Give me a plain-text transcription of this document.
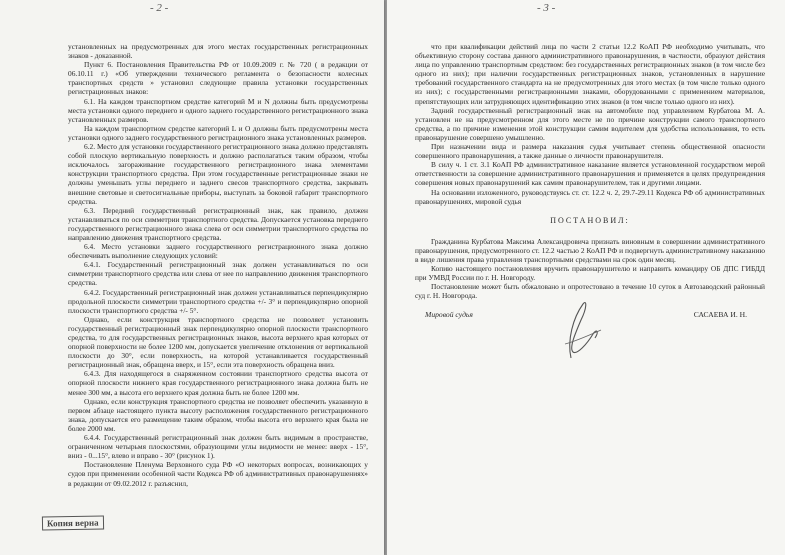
- 2 -

установленных на предусмотренных для этого местах государственных регистрационных знаков - доказанной.

Пункт 6. Постановления Правительства РФ от 10.09.2009 г. № 720 ( в редакции от 06.10.11 г.) «Об утверждении технического регламента о безопасности колесных транспортных средств » установил следующие правила установки государственных регистрационных знаков:

6.1. На каждом транспортном средстве категорий M и N должны быть предусмотрены места установки одного переднего и одного заднего государственного регистрационного знака установленных размеров.

На каждом транспортном средстве категорий L и O должны быть предусмотрены места установки одного заднего государственного регистрационного знака установленных размеров.

6.2. Место для установки государственного регистрационного знака должно представлять собой плоскую вертикальную поверхность и должно располагаться таким образом, чтобы исключалось загораживание государственного регистрационного знака элементами конструкции транспортного средства. При этом государственные регистрационные знаки не должны уменьшать углы переднего и заднего свесов транспортного средства, закрывать внешние световые и светосигнальные приборы, выступать за боковой габарит транспортного средства.

6.3. Передний государственный регистрационный знак, как правило, должен устанавливаться по оси симметрии транспортного средства. Допускается установка переднего государственного регистрационного знака слева от оси симметрии транспортного средства по направлению движения транспортного средства.

6.4. Место установки заднего государственного регистрационного знака должно обеспечивать выполнение следующих условий:

6.4.1. Государственный регистрационный знак должен устанавливаться по оси симметрии транспортного средства или слева от нее по направлению движения транспортного средства.

6.4.2. Государственный регистрационный знак должен устанавливаться перпендикулярно продольной плоскости симметрии транспортного средства +/- 3° и перпендикулярно опорной плоскости транспортного средства +/- 5°.

Однако, если конструкция транспортного средства не позволяет установить государственный регистрационный знак перпендикулярно опорной плоскости транспортного средства, то для государственных регистрационных знаков, высота верхнего края которых от опорной поверхности не более 1200 мм, допускается увеличение отклонения от вертикальной плоскости до 30°, если поверхность, на которой устанавливается государственный регистрационный знак, обращена вверх, и 15°, если эта поверхность обращена вниз.

6.4.3. Для находящегося в снаряженном состоянии транспортного средства высота от опорной плоскости нижнего края государственного регистрационного знака должна быть не менее 300 мм, а высота его верхнего края должна быть не более 1200 мм.

Однако, если конструкция транспортного средства не позволяет обеспечить указанную в первом абзаце настоящего пункта высоту расположения государственного регистрационного знака, допускается его размещение таким образом, чтобы высота его верхнего края была не более 2000 мм.

6.4.4. Государственный регистрационный знак должен быть видимым в пространстве, ограниченном четырьмя плоскостями, образующими углы видимости не менее: вверх - 15°, вниз - 0...15°, влево и вправо - 30° (рисунок 1).

Постановление Пленума Верховного суда РФ «О некоторых вопросах, возникающих у судов при применении особенной части Кодекса РФ об административных правонарушениях» в редакции от 09.02.2012 г. разъяснил,

Копия верна
- 3 -

что при квалификации действий лица по части 2 статьи 12.2 КоАП РФ необходимо учитывать, что объективную сторону состава данного административного правонарушения, в частности, образуют действия лица по управлению транспортным средством: без государственных регистрационных знаков (в том числе без одного из них); при наличии государственных регистрационных знаков, установленных в нарушение требований государственного стандарта на не предусмотренных для этого местах (в том числе только одного из них); с государственными регистрационными знаками, оборудованными с применением материалов, препятствующих или затрудняющих идентификацию этих знаков (в том числе только одного из них).

Задний государственный регистрационный знак на автомобиле под управлением Курбатова М. А. установлен не на предусмотренном для этого месте не по причине конструкции самого транспортного средства, а по причине изменения этой конструкции самим водителем для удобства использования, то есть правонарушение совершено умышленно.

При назначении вида и размера наказания судья учитывает степень общественной опасности совершенного правонарушения, а также данные о личности правонарушителя.

В силу ч. 1 ст. 3.1 КоАП РФ административное наказание является установленной государством мерой ответственности за совершение административного правонарушения и применяется в целях предупреждения совершения новых правонарушений как самим правонарушителем, так и другими лицами.

На основании изложенного, руководствуясь ст. ст. 12.2 ч. 2, 29.7-29.11 Кодекса РФ об административных правонарушениях, мировой судья

ПОСТАНОВИЛ:

Гражданина Курбатова Максима Александровича признать виновным в совершении административного правонарушения, предусмотренного ст. 12.2 частью 2 КоАП РФ и подвергнуть административному наказанию в виде лишения права управления транспортными средствами на срок один месяц.

Копию настоящего постановления вручить правонарушителю и направить командиру ОБ ДПС ГИБДД при УМВД России по г. Н. Новгороду.

Постановление может быть обжаловано и опротестовано в течение 10 суток в Автозаводский районный суд г. Н. Новгорода.

Мировой судья	САСАЕВА И. Н.
